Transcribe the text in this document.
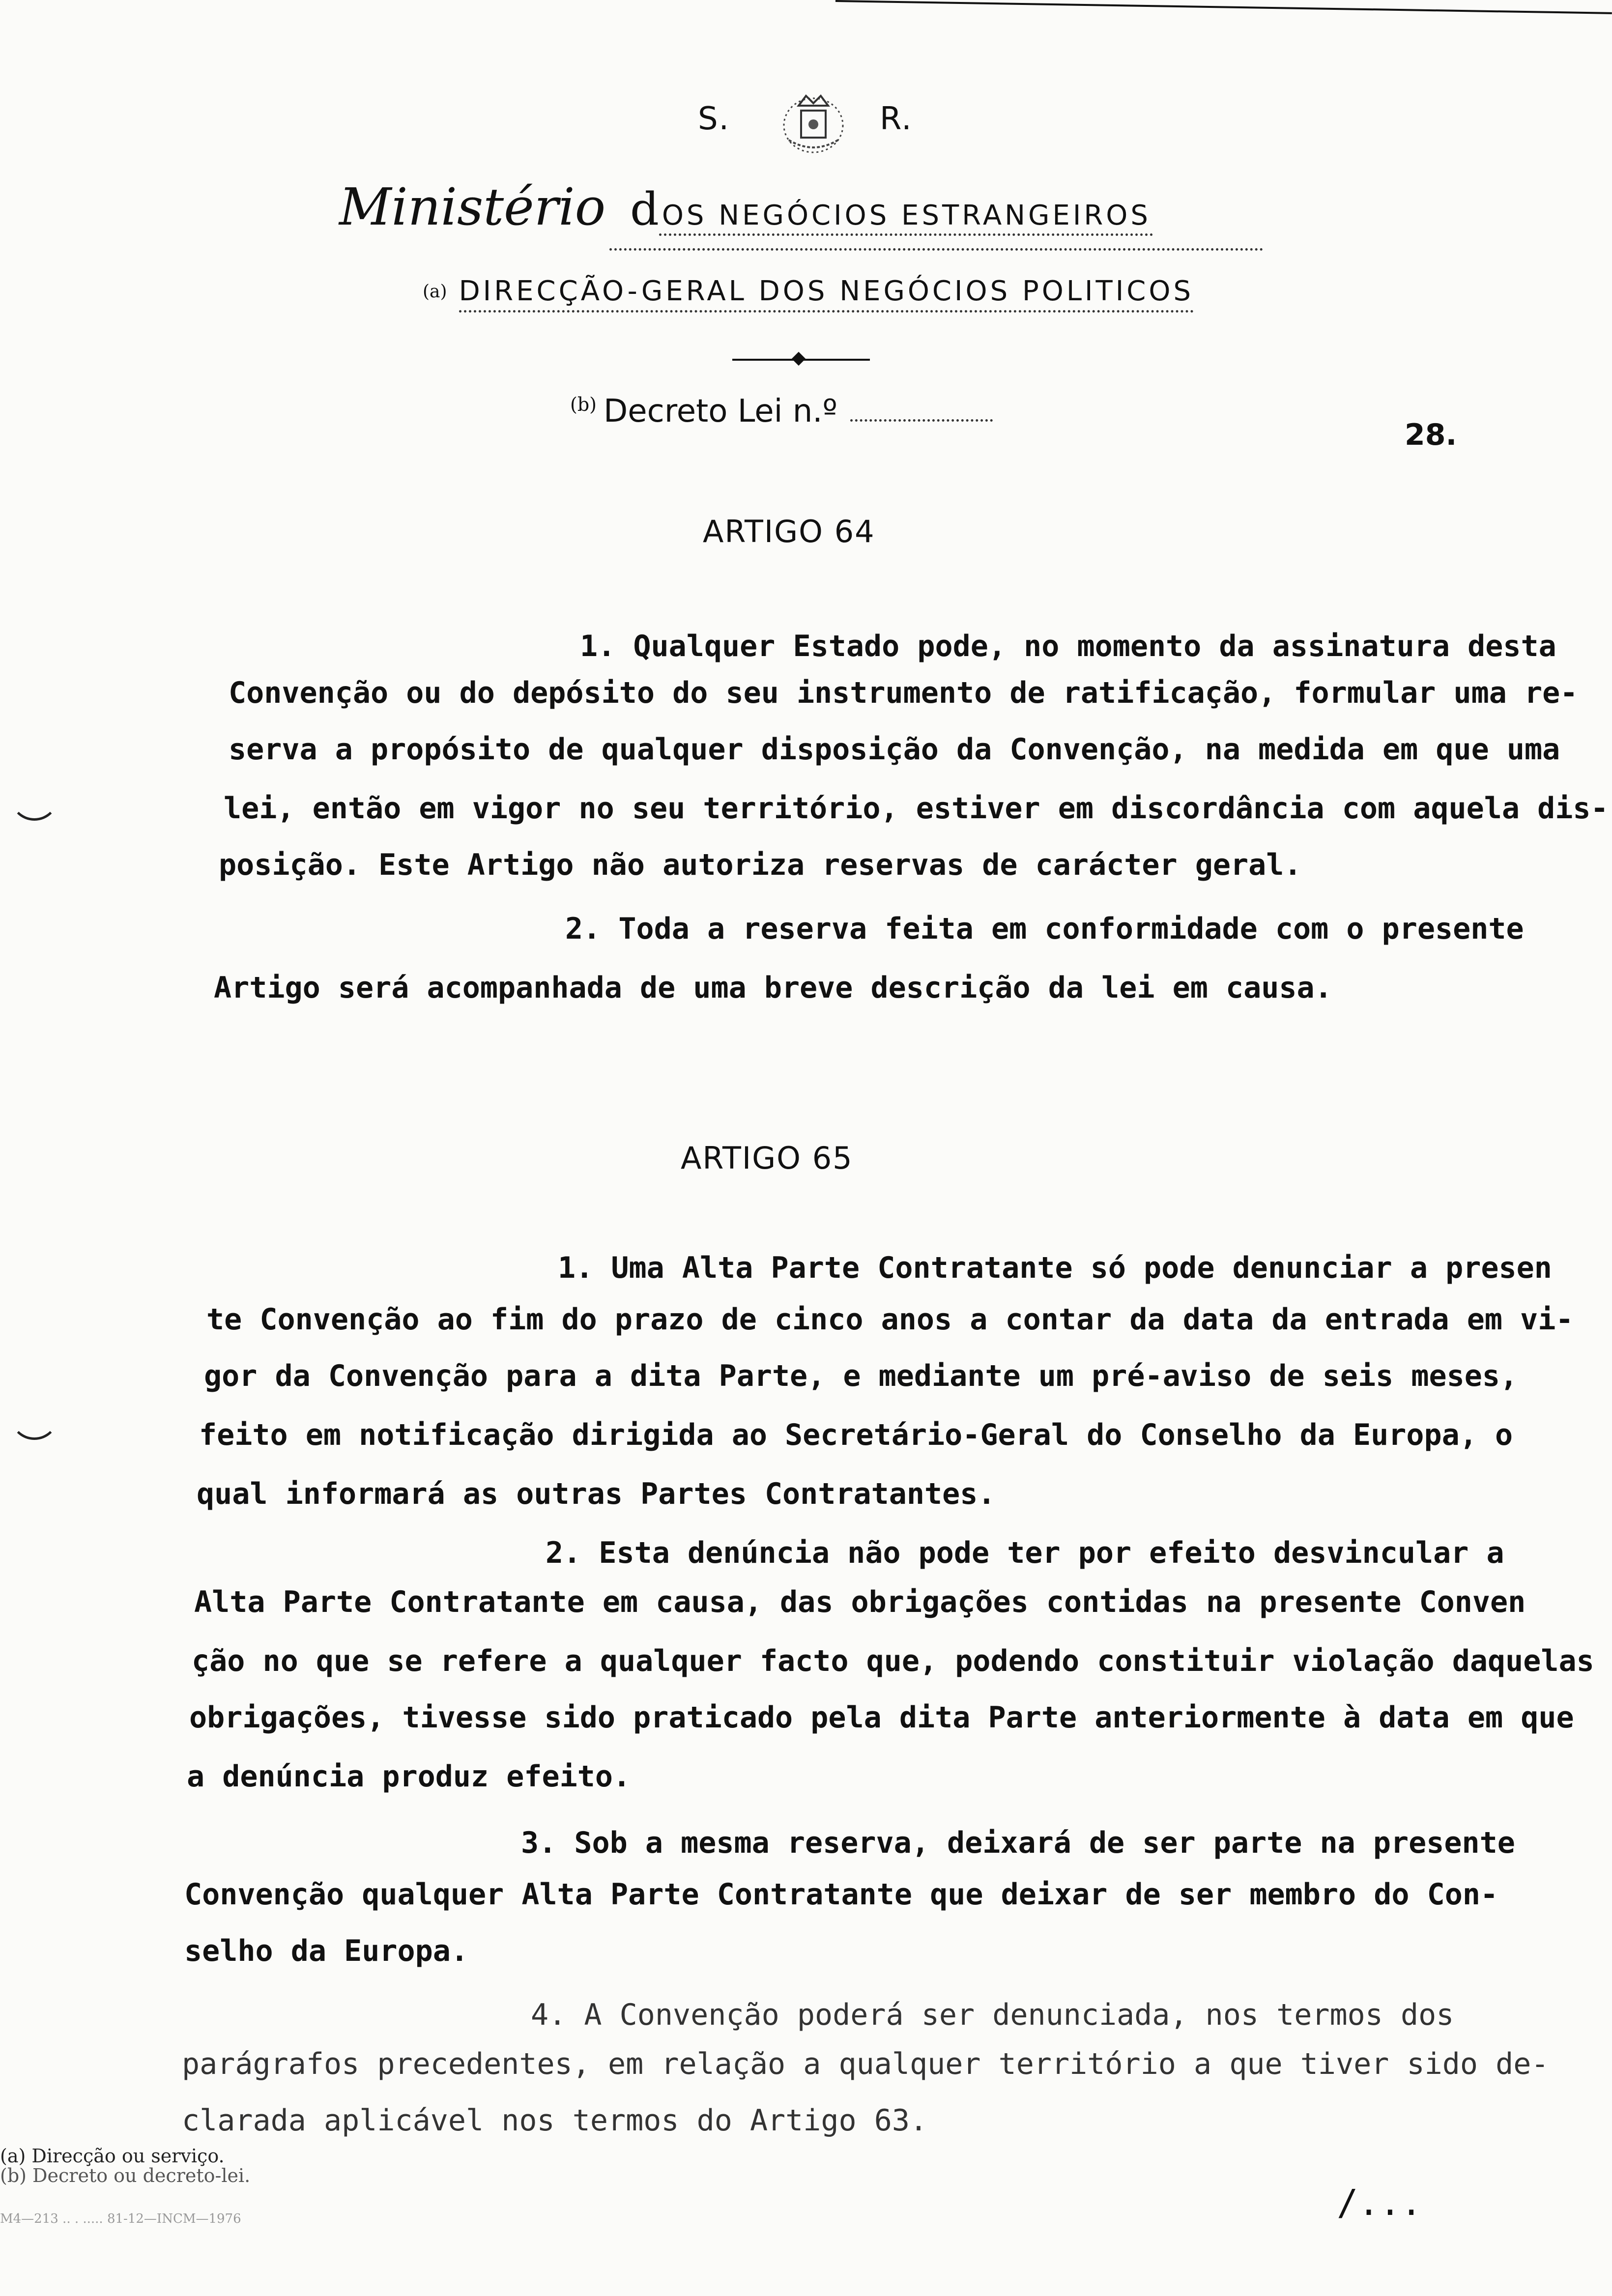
S.	R.
Ministério d OS NEGÓCIOS ESTRANGEIROS
(a) DIRECÇÃO-GERAL DOS NEGÓCIOS POLITICOS
$^{(b)}$ Decreto Lei n.º
28.
ARTIGO 64
1. Qualquer Estado pode, no momento da assinatura desta
Convenção ou do depósito do seu instrumento de ratificação, formular uma re-
serva a propósito de qualquer disposição da Convenção, na medida em que uma
lei, então em vigor no seu território, estiver em discordância com aquela dis-
posição. Este Artigo não autoriza reservas de carácter geral.
2. Toda a reserva feita em conformidade com o presente
Artigo será acompanhada de uma breve descrição da lei em causa.
ARTIGO 65
1. Uma Alta Parte Contratante só pode denunciar a presen
te Convenção ao fim do prazo de cinco anos a contar da data da entrada em vi-
gor da Convenção para a dita Parte, e mediante um pré-aviso de seis meses,
feito em notificação dirigida ao Secretário-Geral do Conselho da Europa, o
qual informará as outras Partes Contratantes.
2. Esta denúncia não pode ter por efeito desvincular a
Alta Parte Contratante em causa, das obrigações contidas na presente Conven
ção no que se refere a qualquer facto que, podendo constituir violação daquelas
obrigações, tivesse sido praticado pela dita Parte anteriormente à data em que
a denúncia produz efeito.
3. Sob a mesma reserva, deixará de ser parte na presente
Convenção qualquer Alta Parte Contratante que deixar de ser membro do Con-
selho da Europa.
4. A Convenção poderá ser denunciada, nos termos dos
parágrafos precedentes, em relação a qualquer território a que tiver sido de-
clarada aplicável nos termos do Artigo 63.
(a) Direcção ou serviço.
(b) Decreto ou decreto-lei.
M4—213 .. . ..... 81-12—INCM—1976	/...
